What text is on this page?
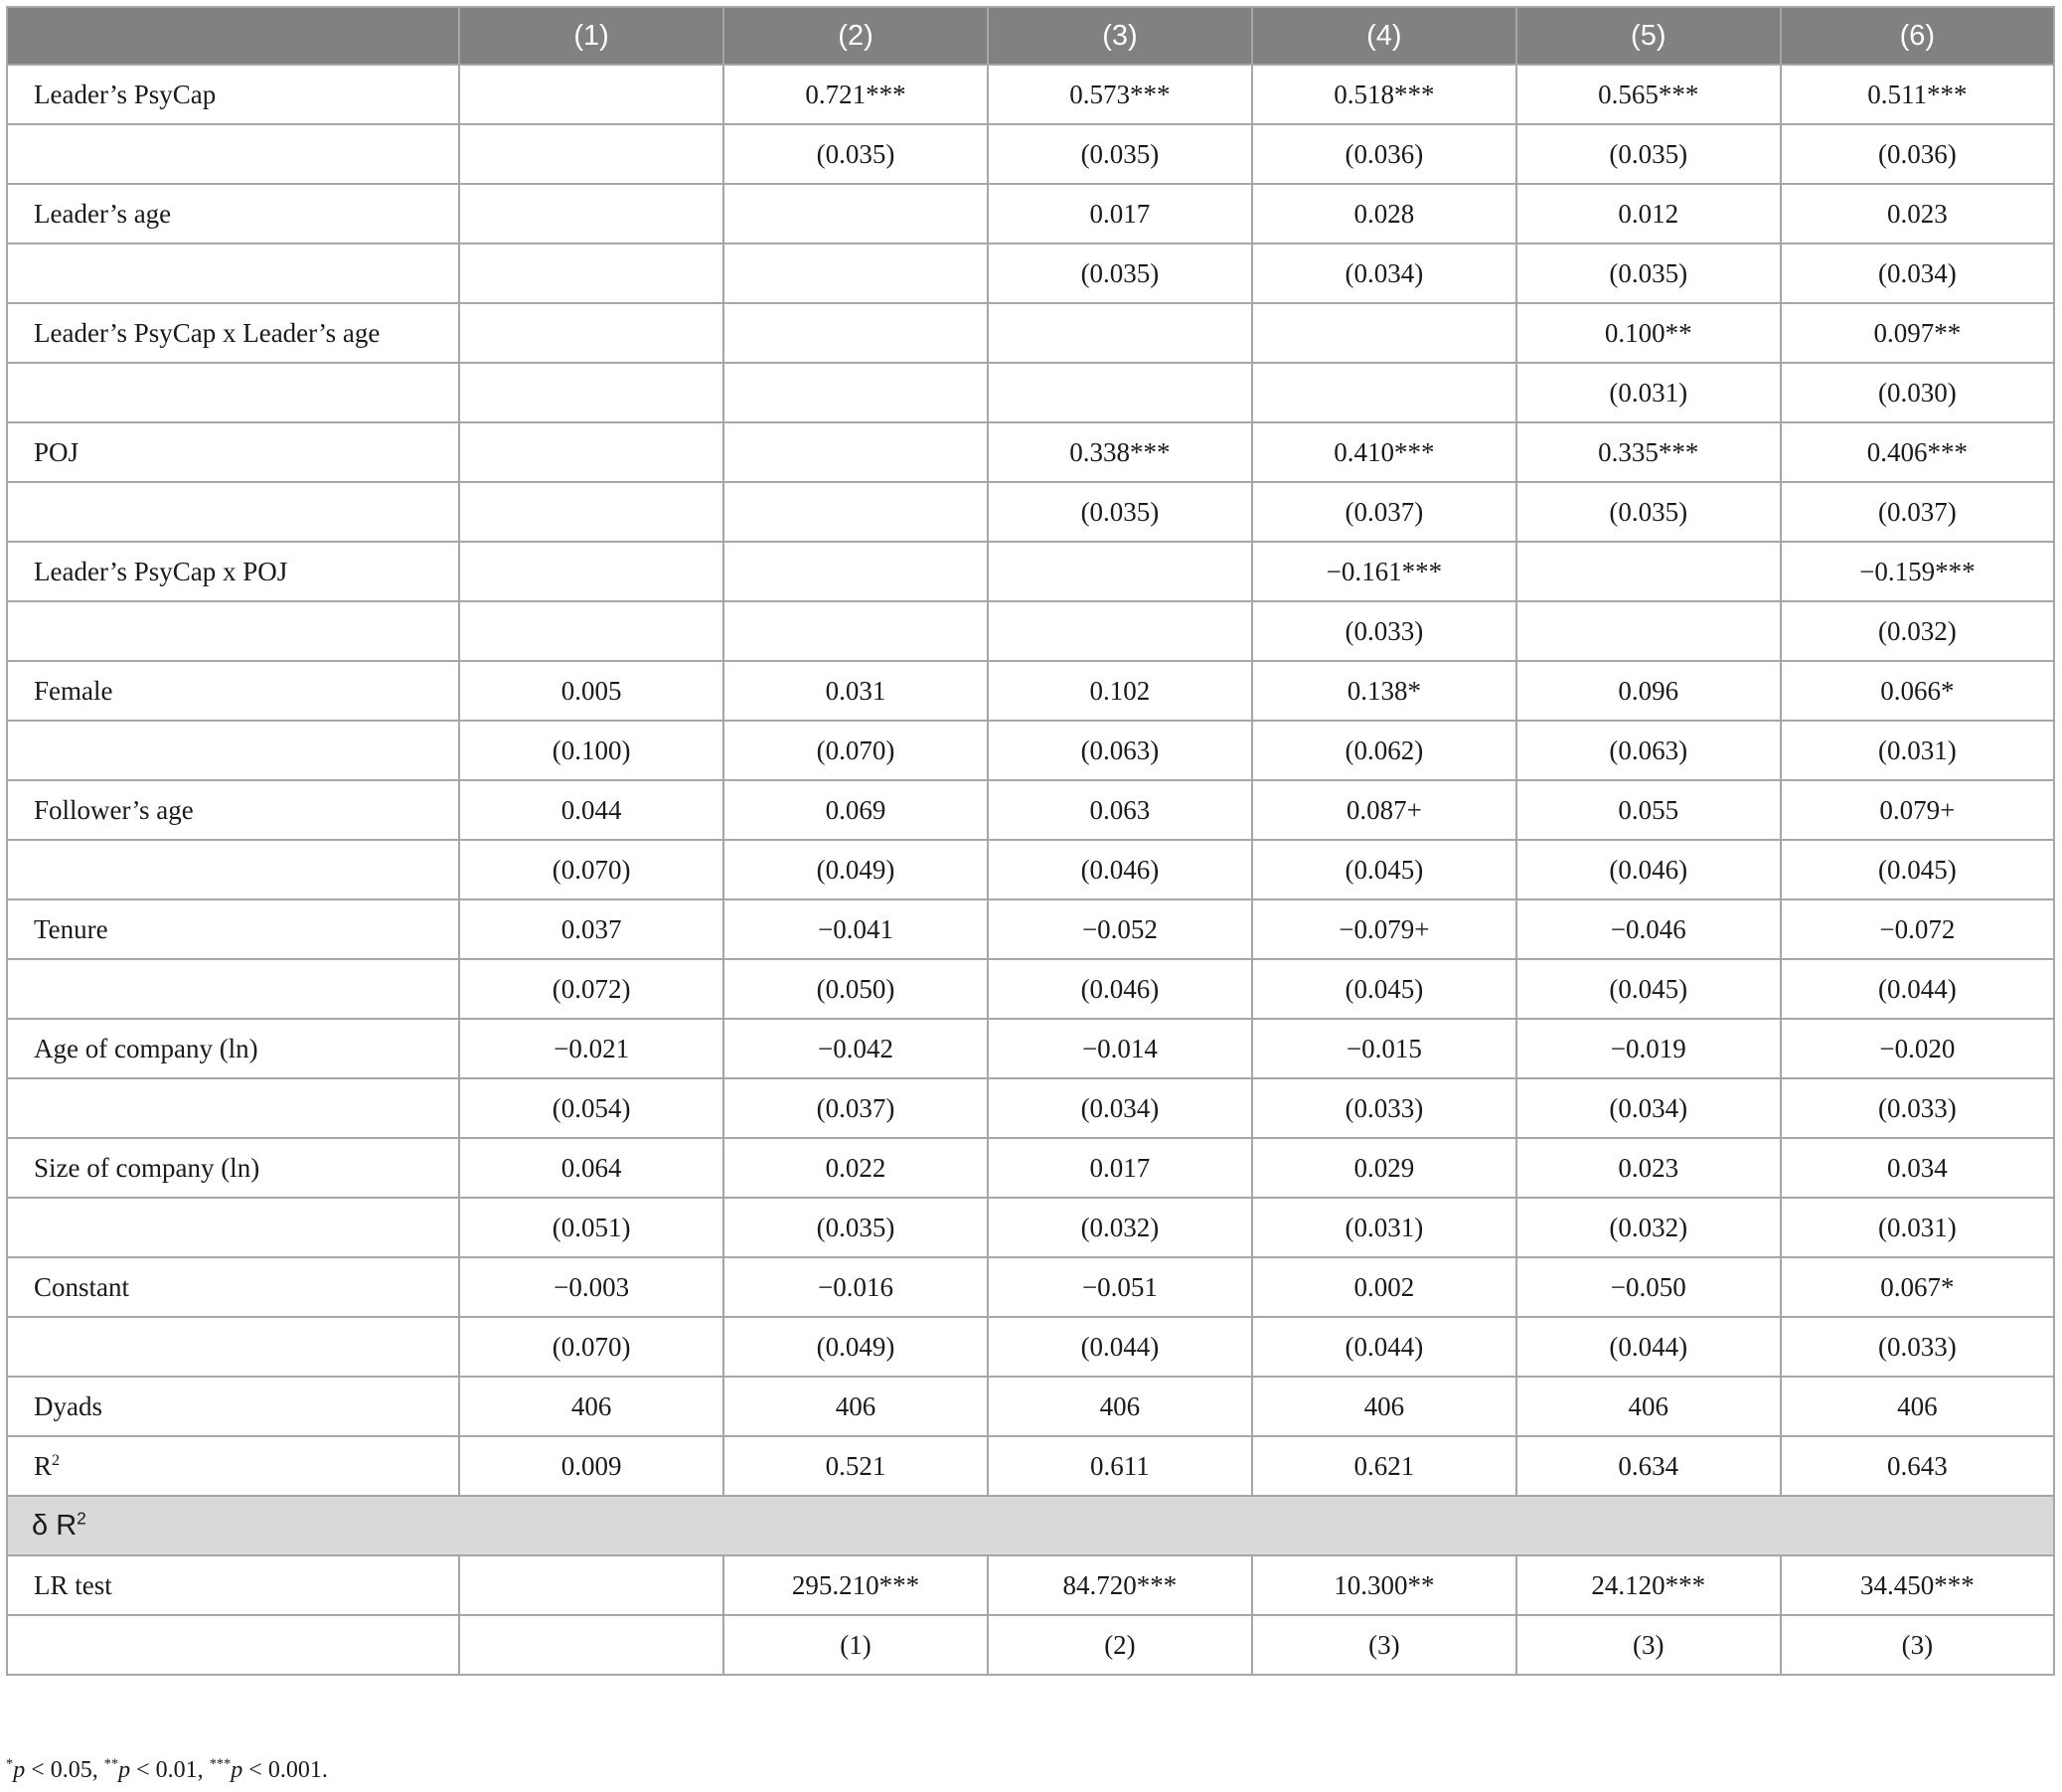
	(1)	(2)	(3)	(4)	(5)	(6)
Leader’s PsyCap		0.721***	0.573***	0.518***	0.565***	0.511***
		(0.035)	(0.035)	(0.036)	(0.035)	(0.036)
Leader’s age			0.017	0.028	0.012	0.023
			(0.035)	(0.034)	(0.035)	(0.034)
Leader’s PsyCap x Leader’s age					0.100**	0.097**
					(0.031)	(0.030)
POJ			0.338***	0.410***	0.335***	0.406***
			(0.035)	(0.037)	(0.035)	(0.037)
Leader’s PsyCap x POJ				−0.161***		−0.159***
				(0.033)		(0.032)
Female	0.005	0.031	0.102	0.138*	0.096	0.066*
	(0.100)	(0.070)	(0.063)	(0.062)	(0.063)	(0.031)
Follower’s age	0.044	0.069	0.063	0.087+	0.055	0.079+
	(0.070)	(0.049)	(0.046)	(0.045)	(0.046)	(0.045)
Tenure	0.037	−0.041	−0.052	−0.079+	−0.046	−0.072
	(0.072)	(0.050)	(0.046)	(0.045)	(0.045)	(0.044)
Age of company (ln)	−0.021	−0.042	−0.014	−0.015	−0.019	−0.020
	(0.054)	(0.037)	(0.034)	(0.033)	(0.034)	(0.033)
Size of company (ln)	0.064	0.022	0.017	0.029	0.023	0.034
	(0.051)	(0.035)	(0.032)	(0.031)	(0.032)	(0.031)
Constant	−0.003	−0.016	−0.051	0.002	−0.050	0.067*
	(0.070)	(0.049)	(0.044)	(0.044)	(0.044)	(0.033)
Dyads	406	406	406	406	406	406
$R^2$	0.009	0.521	0.611	0.621	0.634	0.643
δ $R^2$
LR test		295.210***	84.720***	10.300**	24.120***	34.450***
		(1)	(2)	(3)	(3)	(3)
*p < 0.05, **p < 0.01, ***p < 0.001.
